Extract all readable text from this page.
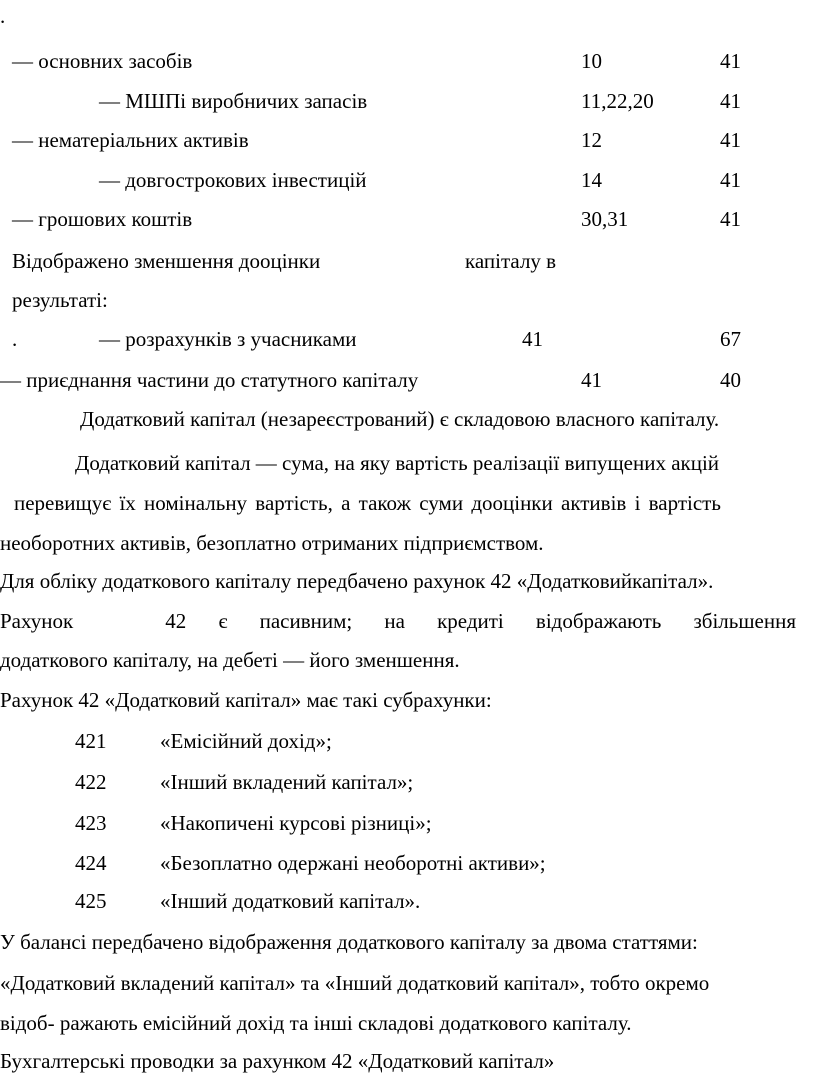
.
— основних засобів	10	41
— МШПі виробничих запасів	11,22,20	41
— нематеріальних активів	12	41
— довгострокових інвестицій	14	41
— грошових коштів	30,31	41
Відображено зменшення дооцінки	капіталу в
результаті:
.	— розрахунків з учасниками	41	67
— приєднання частини до статутного капіталу	41	40
Додатковий капітал (незареєстрований) є складовою власного капіталу.
Додатковий капітал — сума, на яку вартість реалізації випущених акцій
перевищує їх номінальну вартість, а також суми дооцінки активів і вартість
необоротних активів, безоплатно отриманих підприємством.
Для обліку додаткового капіталу передбачено рахунок 42 «Додатковийкапітал».
Рахунок	42 є пасивним; на кредиті відображають збільшення
додаткового капіталу, на дебеті — його зменшення.
Рахунок 42 «Додатковий капітал» має такі субрахунки:
421	«Емісійний дохід»;
422	«Інший вкладений капітал»;
423	«Накопичені курсові різниці»;
424	«Безоплатно одержані необоротні активи»;
425	«Інший додатковий капітал».
У балансі передбачено відображення додаткового капіталу за двома статтями:
«Додатковий вкладений капітал» та «Інший додатковий капітал», тобто окремо
відоб- ражають емісійний дохід та інші складові додаткового капіталу.
Бухгалтерські проводки за рахунком 42 «Додатковий капітал»
